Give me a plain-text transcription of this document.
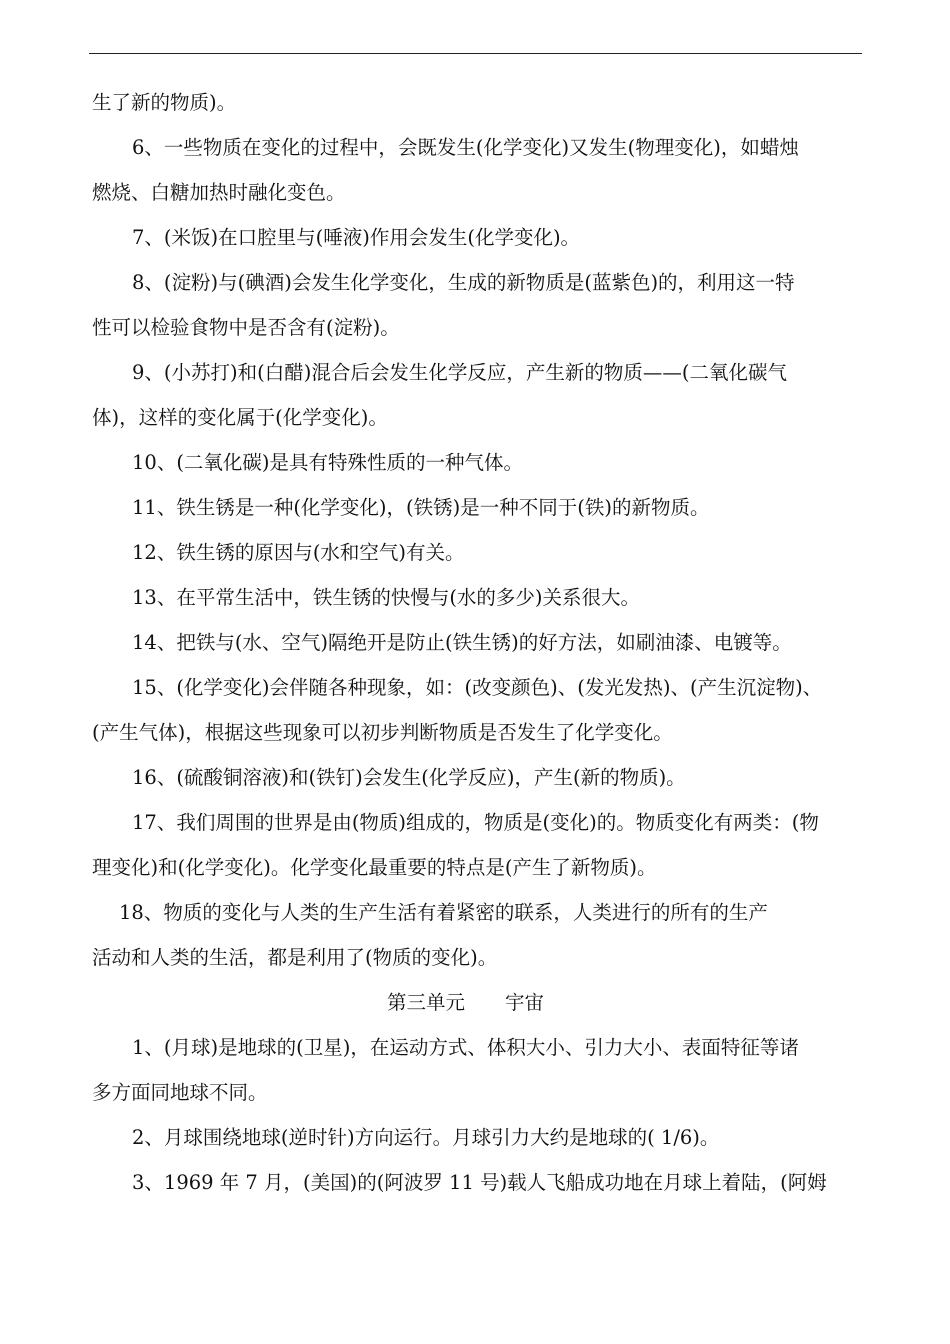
生了新的物质)。
6、一些物质在变化的过程中，会既发生(化学变化)又发生(物理变化)，如蜡烛
燃烧、白糖加热时融化变色。
7、(米饭)在口腔里与(唾液)作用会发生(化学变化)。
8、(淀粉)与(碘酒)会发生化学变化，生成的新物质是(蓝紫色)的，利用这一特
性可以检验食物中是否含有(淀粉)。
9、(小苏打)和(白醋)混合后会发生化学反应，产生新的物质——(二氧化碳气
体)，这样的变化属于(化学变化)。
10、(二氧化碳)是具有特殊性质的一种气体。
11、铁生锈是一种(化学变化)，(铁锈)是一种不同于(铁)的新物质。
12、铁生锈的原因与(水和空气)有关。
13、在平常生活中，铁生锈的快慢与(水的多少)关系很大。
14、把铁与(水、空气)隔绝开是防止(铁生锈)的好方法，如刷油漆、电镀等。
15、(化学变化)会伴随各种现象，如：(改变颜色)、(发光发热)、(产生沉淀物)、
(产生气体)，根据这些现象可以初步判断物质是否发生了化学变化。
16、(硫酸铜溶液)和(铁钉)会发生(化学反应)，产生(新的物质)。
17、我们周围的世界是由(物质)组成的，物质是(变化)的。物质变化有两类：(物
理变化)和(化学变化)。化学变化最重要的特点是(产生了新物质)。
18、物质的变化与人类的生产生活有着紧密的联系，人类进行的所有的生产
活动和人类的生活，都是利用了(物质的变化)。
第三单元 宇宙
1、(月球)是地球的(卫星)，在运动方式、体积大小、引力大小、表面特征等诸
多方面同地球不同。
2、月球围绕地球(逆时针)方向运行。月球引力大约是地球的( 1/6)。
3、1969 年 7 月，(美国)的(阿波罗 11 号)载人飞船成功地在月球上着陆，(阿姆
